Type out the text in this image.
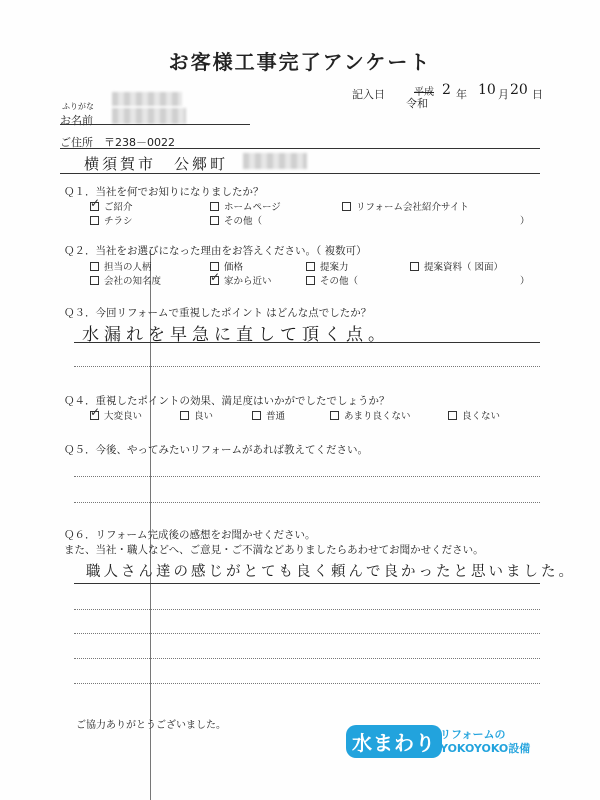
お客様工事完了アンケート
記入日	平成
令和
2 年 10 月 20 日
ふりがな
お名前
ご住所 〒238－0022
横須賀市　公郷町
Ｑ１．当社を何でお知りになりましたか？
✓ご紹介	ホームページ	リフォーム会社紹介サイト
チラシ	その他（	）
Ｑ２．当社をお選びになった理由をお答えください。（ 複数可）
担当の人柄	価格	提案力	提案資料（ 図面）
会社の知名度
✓	家から近い	その他（	）
Ｑ３．今回リフォームで重視したポイント はどんな点でしたか？
水漏れを早急に直して頂く点。
Ｑ４．重視したポイントの効果、満足度はいかがでしたでしょうか？
✓大変良い	良い	普通	あまり良くない	良くない
Ｑ５．今後、やってみたいリフォームがあれば教えてください。
Ｑ６．リフォーム完成後の感想をお聞かせください。
また、当社・職人などへ、ご意見・ご不満などありましたらあわせてお聞かせください。
職人さん達の感じがとても良く頼んで良かったと思いました。
ご協力ありがとうございました。
水まわり リフォームの
YOKOYOKO設備
